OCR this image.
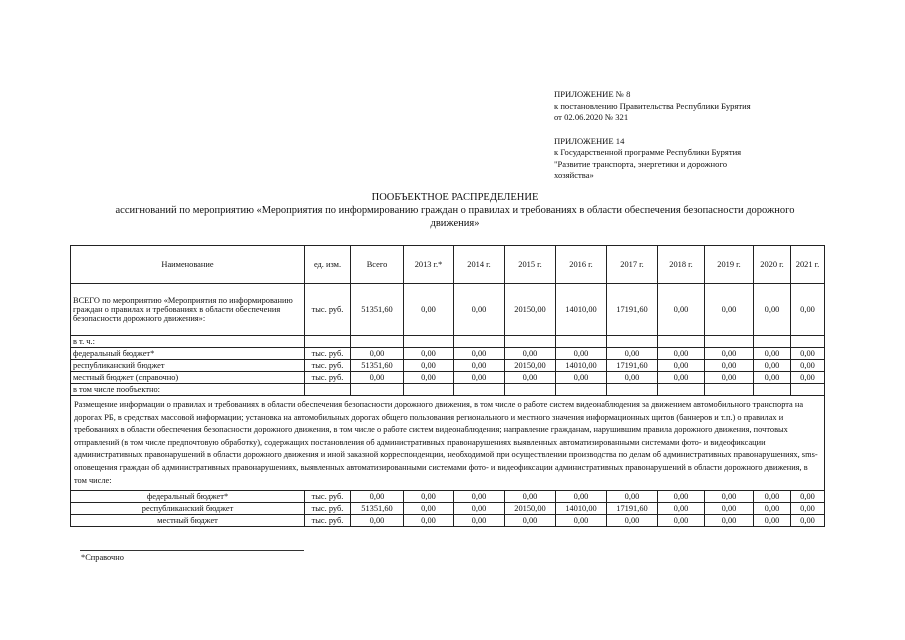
ПРИЛОЖЕНИЕ № 8
к постановлению Правительства Республики Бурятия
от 02.06.2020 № 321
ПРИЛОЖЕНИЕ 14
к Государственной программе Республики Бурятия
"Развитие транспорта, энергетики и дорожного
хозяйства»
ПООБЪЕКТНОЕ РАСПРЕДЕЛЕНИЕ
ассигнований по мероприятию «Мероприятия по информированию граждан о правилах и требованиях в области обеспечения безопасности дорожного
движения»
Наименование	ед. изм.	Всего	2013 г.*	2014 г.	2015 г.	2016 г.	2017 г.	2018 г.	2019 г.	2020 г.	2021 г.
ВСЕГО по мероприятию «Мероприятия по информированию граждан о правилах и требованиях в области обеспечения безопасности дорожного движения»:	тыс. руб.	51351,60	0,00	0,00	20150,00	14010,00	17191,60	0,00	0,00	0,00	0,00
в т. ч.:											
федеральный бюджет*	тыс. руб.	0,00	0,00	0,00	0,00	0,00	0,00	0,00	0,00	0,00	0,00
республиканский бюджет	тыс. руб.	51351,60	0,00	0,00	20150,00	14010,00	17191,60	0,00	0,00	0,00	0,00
местный бюджет (справочно)	тыс. руб.	0,00	0,00	0,00	0,00	0,00	0,00	0,00	0,00	0,00	0,00
в том числе пообъектно:											
Размещение информации о правилах и требованиях в области обеспечения безопасности дорожного движения, в том числе о работе систем видеонаблюдения за движением автомобильного транспорта на дорогах РБ, в средствах массовой информации; установка на автомобильных дорогах общего пользования регионального и местного значения информационных щитов (баннеров и т.п.) о правилах и требованиях в области обеспечения безопасности дорожного движения, в том числе о работе систем видеонаблюдения; направление гражданам, нарушившим правила дорожного движения, почтовых отправлений (в том числе предпочтовую обработку), содержащих постановления об административных правонарушениях выявленных автоматизированными системами фото- и видеофиксации административных правонарушений в области дорожного движения и иной заказной корреспонденции, необходимой при осуществлении производства по делам об административных правонарушениях, sms-оповещения граждан об административных правонарушениях, выявленных автоматизированными системами фото- и видеофиксации административных правонарушений в области дорожного движения, в том числе:											
федеральный бюджет*	тыс. руб.	0,00	0,00	0,00	0,00	0,00	0,00	0,00	0,00	0,00	0,00
республиканский бюджет	тыс. руб.	51351,60	0,00	0,00	20150,00	14010,00	17191,60	0,00	0,00	0,00	0,00
местный бюджет	тыс. руб.	0,00	0,00	0,00	0,00	0,00	0,00	0,00	0,00	0,00	0,00
*Справочно
